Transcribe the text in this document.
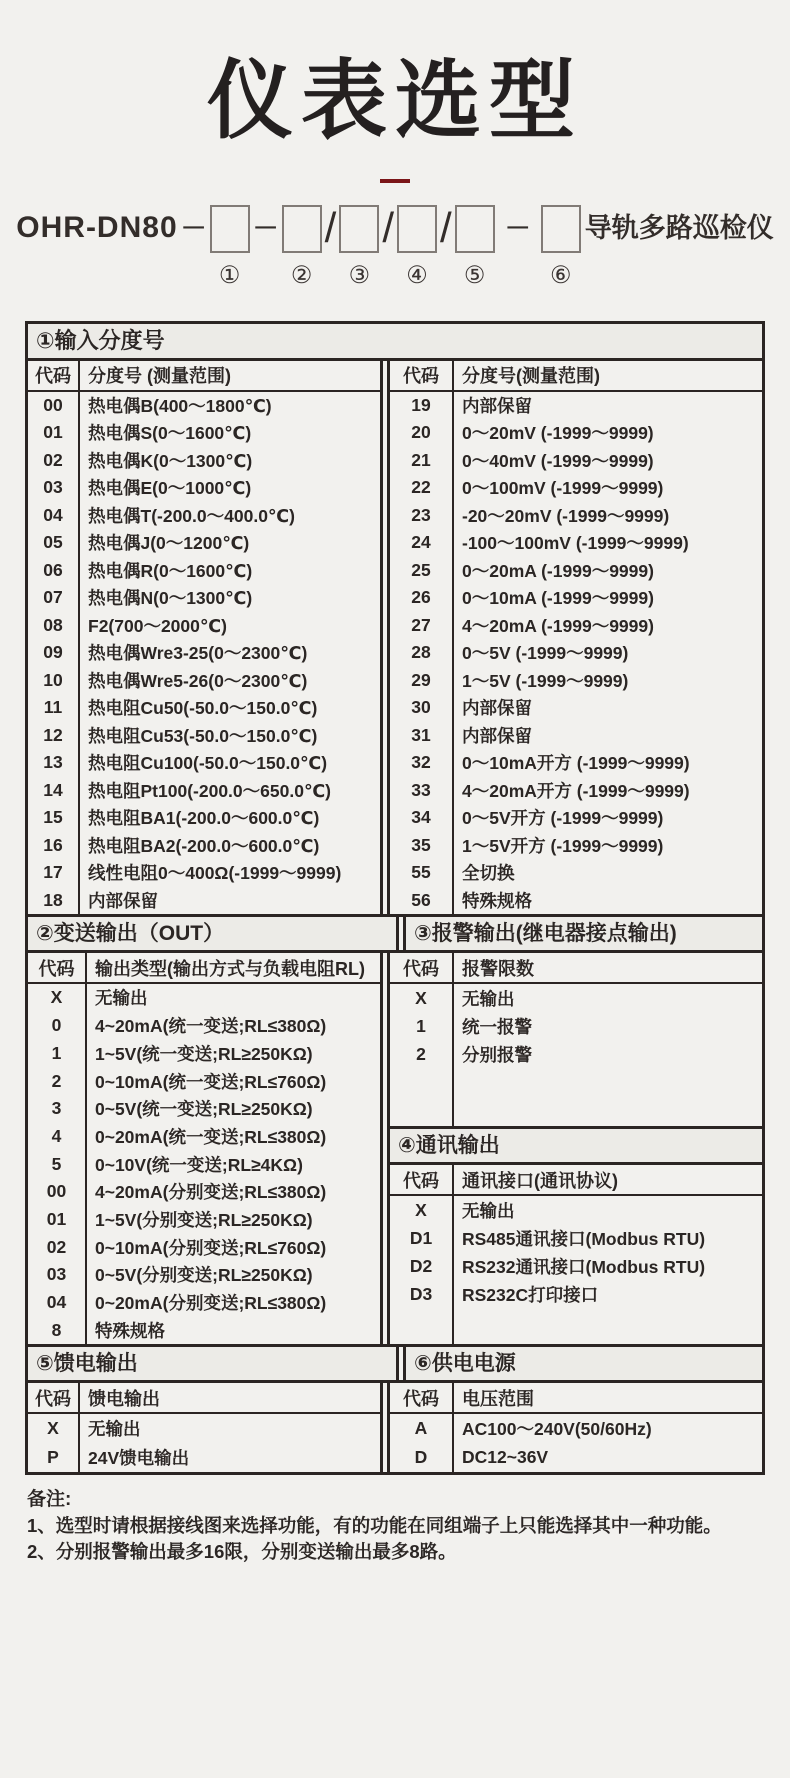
仪表选型
OHR-DN80 －
①
－
②
/
③
/
④
/
⑤
－
⑥
导轨多路巡检仪
①输入分度号
代码 分度号 (测量范围)
00	热电偶B(400～1800℃)
01	热电偶S(0～1600℃)
02	热电偶K(0～1300℃)
03	热电偶E(0～1000℃)
04	热电偶T(-200.0～400.0℃)
05	热电偶J(0～1200℃)
06	热电偶R(0～1600℃)
07	热电偶N(0～1300℃)
08	F2(700～2000℃)
09	热电偶Wre3-25(0～2300℃)
10	热电偶Wre5-26(0～2300℃)
11	热电阻Cu50(-50.0～150.0℃)
12	热电阻Cu53(-50.0～150.0℃)
13	热电阻Cu100(-50.0～150.0℃)
14	热电阻Pt100(-200.0～650.0℃)
15	热电阻BA1(-200.0～600.0℃)
16	热电阻BA2(-200.0～600.0℃)
17	线性电阻0～400Ω(-1999～9999)
18	内部保留
代码	分度号(测量范围)
19	内部保留
20	0～20mV (-1999～9999)
21	0～40mV (-1999～9999)
22	0～100mV (-1999～9999)
23	-20～20mV (-1999～9999)
24	-100～100mV (-1999～9999)
25	0～20mA (-1999～9999)
26	0～10mA (-1999～9999)
27	4～20mA (-1999～9999)
28	0～5V (-1999～9999)
29	1～5V (-1999～9999)
30	内部保留
31	内部保留
32	0～10mA开方 (-1999～9999)
33	4～20mA开方 (-1999～9999)
34	0～5V开方 (-1999～9999)
35	1～5V开方 (-1999～9999)
55	全切换
56	特殊规格
②变送输出（OUT）	③报警输出(继电器接点输出)
代码	输出类型(输出方式与负载电阻RL)
X	无输出
0	4~20mA(统一变送;RL≤380Ω)
1	1~5V(统一变送;RL≥250KΩ)
2	0~10mA(统一变送;RL≤760Ω)
3	0~5V(统一变送;RL≥250KΩ)
4	0~20mA(统一变送;RL≤380Ω)
5	0~10V(统一变送;RL≥4KΩ)
00	4~20mA(分别变送;RL≤380Ω)
01	1~5V(分别变送;RL≥250KΩ)
02	0~10mA(分别变送;RL≤760Ω)
03	0~5V(分别变送;RL≥250KΩ)
04	0~20mA(分别变送;RL≤380Ω)
8	特殊规格
代码	报警限数
X	无输出
1	统一报警
2	分别报警
④通讯输出
代码	通讯接口(通讯协议)
X	无输出
D1	RS485通讯接口(Modbus RTU)
D2	RS232通讯接口(Modbus RTU)
D3	RS232C打印接口
⑤馈电输出	⑥供电电源
代码 馈电输出
X	无输出
P	24V馈电输出
代码	电压范围
A	AC100～240V(50/60Hz)
D	DC12~36V
备注:
1、选型时请根据接线图来选择功能，有的功能在同组端子上只能选择其中一种功能。
2、分别报警输出最多16限，分别变送输出最多8路。
